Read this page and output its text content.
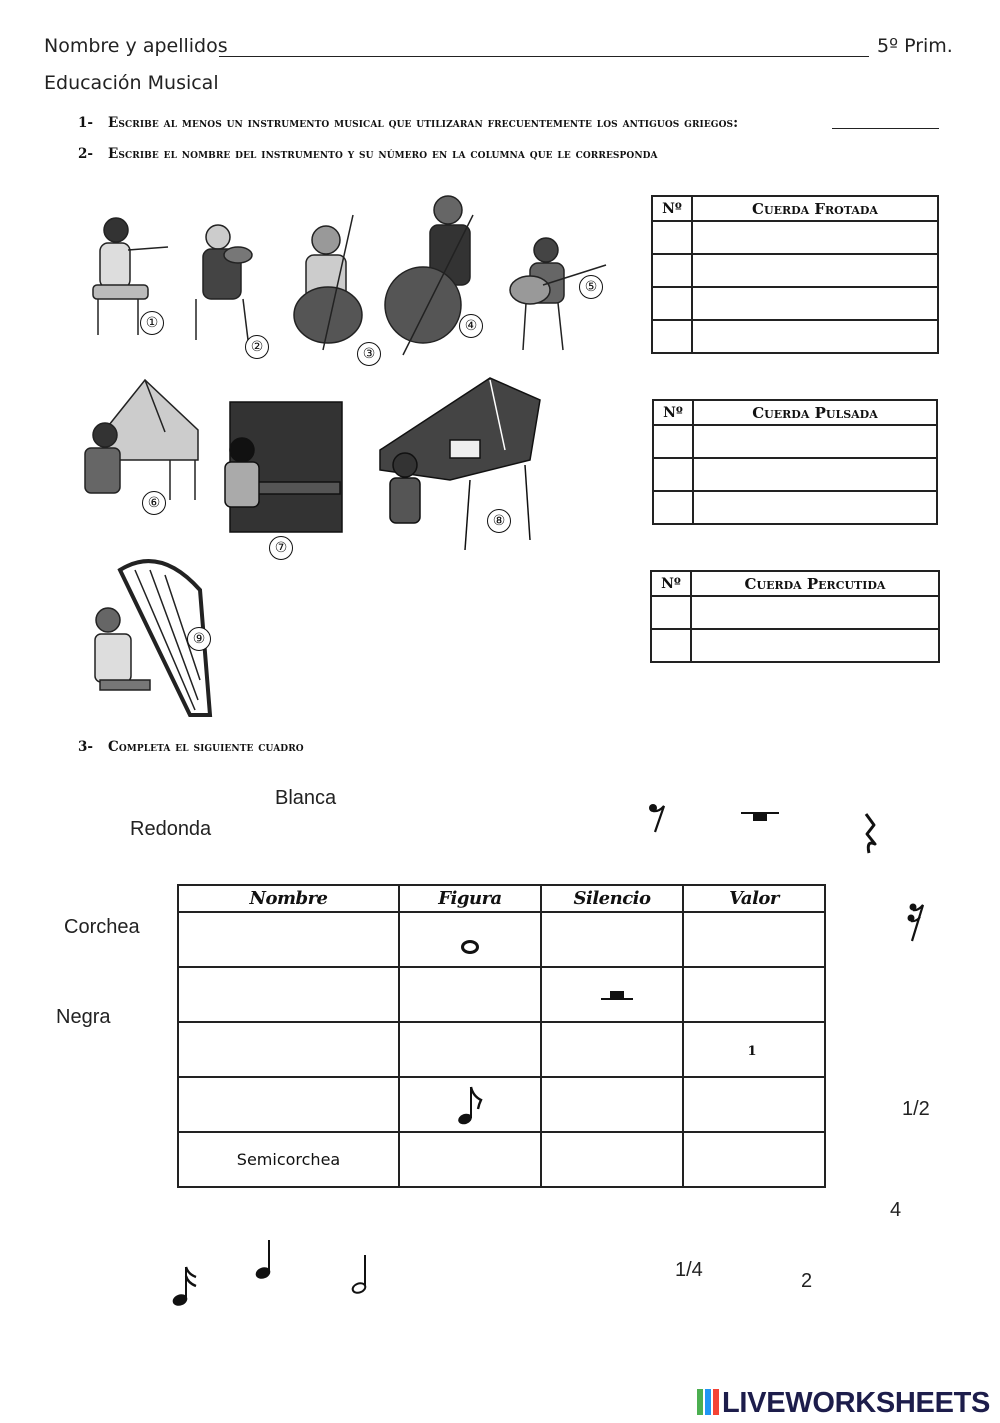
Nombre y apellidos	5º Prim.
Educación Musical
1- Escribe al menos un instrumento musical que utilizaran frecuentemente los antiguos griegos:
2- Escribe el nombre del instrumento y su número en la columna que le corresponda
①
②	③
④
⑤
⑥
⑦
⑧
⑨
Nº	Cuerda Frotada

Nº	Cuerda Pulsada

Nº	Cuerda Percutida

3- Completa el siguiente cuadro
Blanca
Redonda
Corchea
Negra
1/2
4
1/4	2
Nombre	Figura	Silencio	Valor

			1

Semicorchea			
LIVEWORKSHEETS
